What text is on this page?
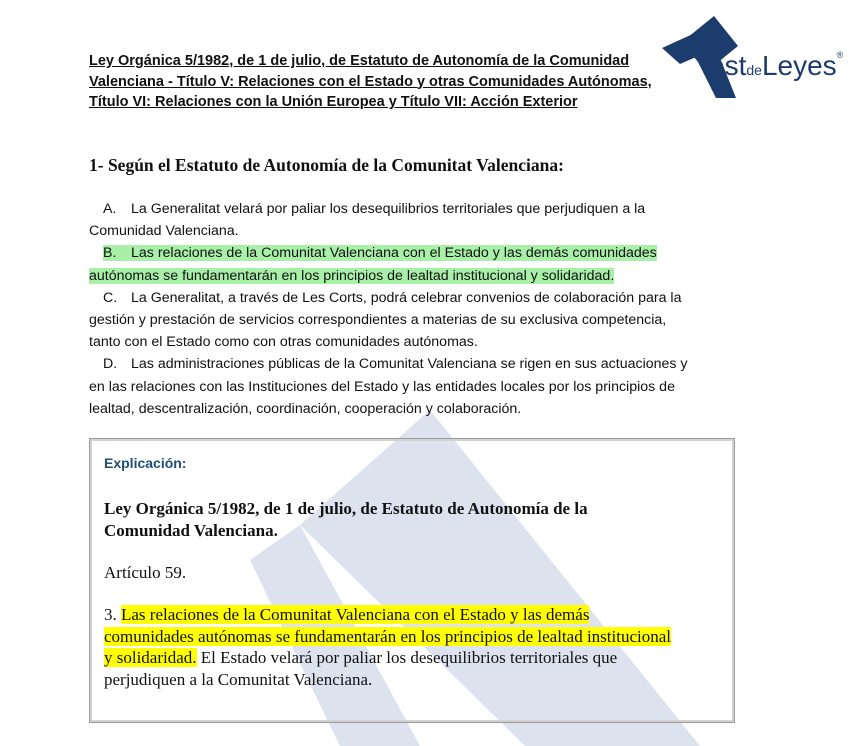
Ley Orgánica 5/1982, de 1 de julio, de Estatuto de Autonomía de la Comunidad
Valenciana - Título V: Relaciones con el Estado y otras Comunidades Autónomas,
Título VI: Relaciones con la Unión Europea y Título VII: Acción Exterior
estdeLeyes®
1- Según el Estatuto de Autonomía de la Comunitat Valenciana:
A. La Generalitat velará por paliar los desequilibrios territoriales que perjudiquen a la
Comunidad Valenciana.
B. Las relaciones de la Comunitat Valenciana con el Estado y las demás comunidades
autónomas se fundamentarán en los principios de lealtad institucional y solidaridad.
C. La Generalitat, a través de Les Corts, podrá celebrar convenios de colaboración para la
gestión y prestación de servicios correspondientes a materias de su exclusiva competencia,
tanto con el Estado como con otras comunidades autónomas.
D. Las administraciones públicas de la Comunitat Valenciana se rigen en sus actuaciones y
en las relaciones con las Instituciones del Estado y las entidades locales por los principios de
lealtad, descentralización, coordinación, cooperación y colaboración.
Explicación:
Ley Orgánica 5/1982, de 1 de julio, de Estatuto de Autonomía de la
Comunidad Valenciana.
Artículo 59.
3. Las relaciones de la Comunitat Valenciana con el Estado y las demás
comunidades autónomas se fundamentarán en los principios de lealtad institucional
y solidaridad. El Estado velará por paliar los desequilibrios territoriales que
perjudiquen a la Comunitat Valenciana.
